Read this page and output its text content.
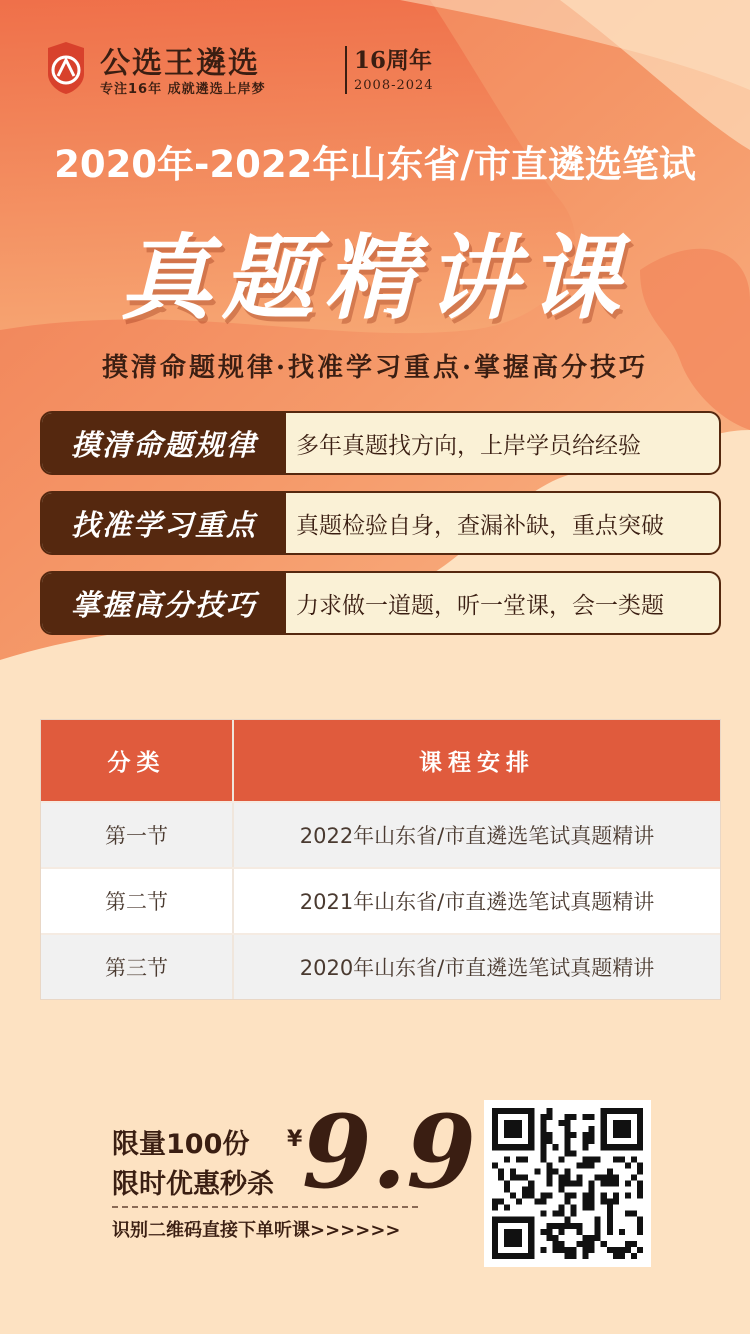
公选王遴选
专注16年 成就遴选上岸梦
16周年
2008-2024
2020年-2022年山东省/市直遴选笔试
真题精讲课
摸清命题规律·找准学习重点·掌握高分技巧
摸清命题规律	多年真题找方向，上岸学员给经验
找准学习重点	真题检验自身，查漏补缺，重点突破
掌握高分技巧	力求做一道题，听一堂课，会一类题
分类	课程安排
第一节	2022年山东省/市直遴选笔试真题精讲
第二节	2021年山东省/市直遴选笔试真题精讲
第三节	2020年山东省/市直遴选笔试真题精讲
限量100份
限时优惠秒杀
¥ 9.9
识别二维码直接下单听课>>>>>>
